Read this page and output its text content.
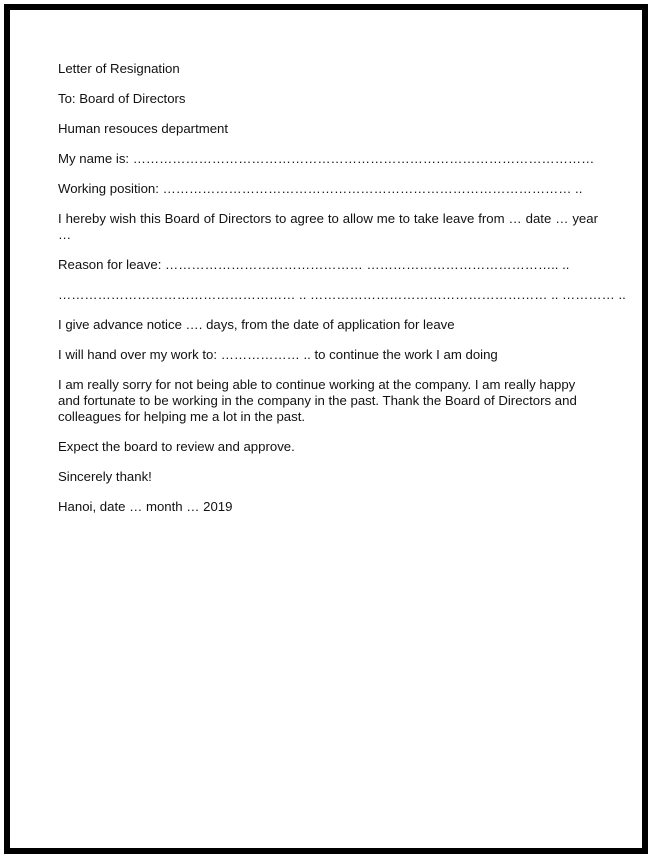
Letter of Resignation

To: Board of Directors

Human resouces department

My name is: ……………………………………………………………………………………………

Working position: ………………………………………………………………………………… ..

I hereby wish this Board of Directors to agree to allow me to take leave from … date … year …

Reason for leave: ……………………………………… …………………………………….. ..

……………………………………………… .. ……………………………………………… .. ………… ..

I give advance notice …. days, from the date of application for leave

I will hand over my work to: ……………… .. to continue the work I am doing

I am really sorry for not being able to continue working at the company. I am really happy and fortunate to be working in the company in the past. Thank the Board of Directors and colleagues for helping me a lot in the past.

Expect the board to review and approve.

Sincerely thank!

Hanoi, date … month … 2019
